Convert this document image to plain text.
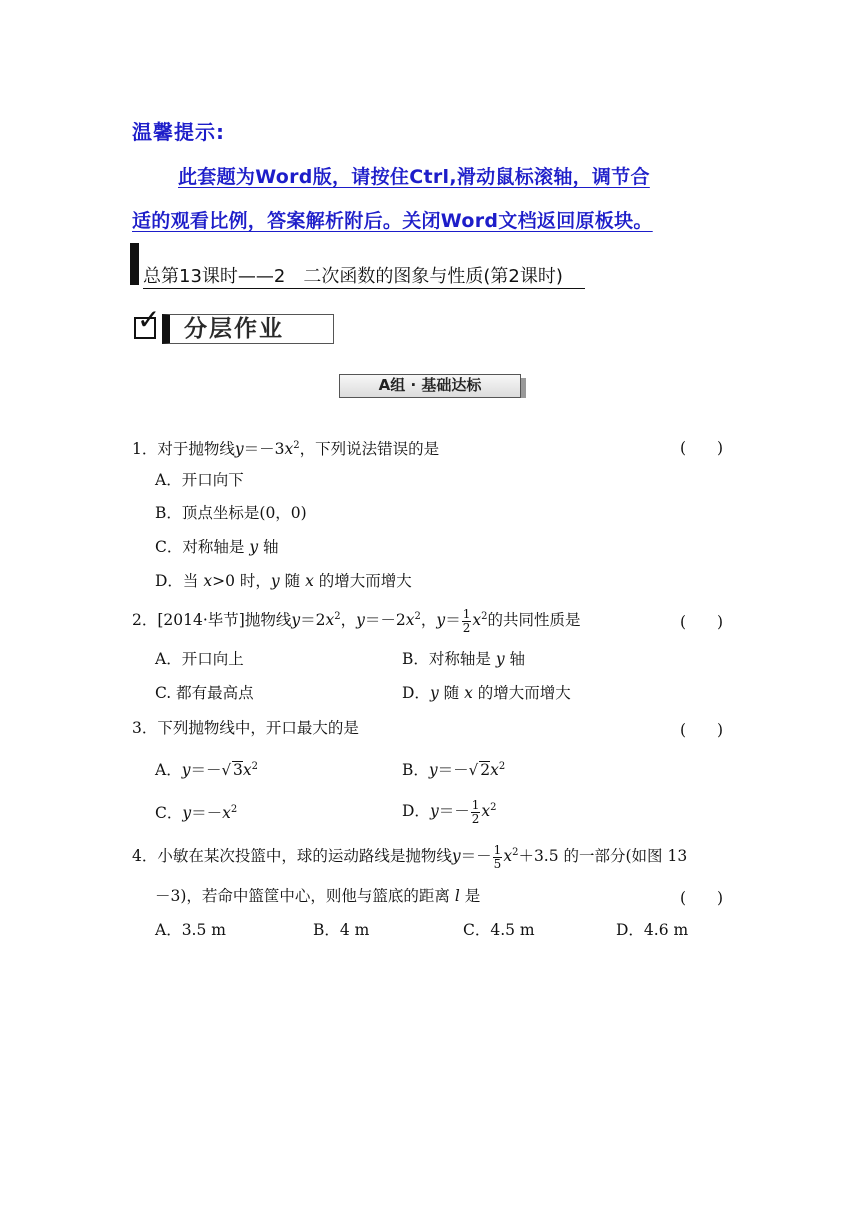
温馨提示:
此套题为Word版，请按住Ctrl,滑动鼠标滚轴，调节合
适的观看比例，答案解析附后。关闭Word文档返回原板块。
总第13课时——2　二次函数的图象与性质(第2课时)
✓ 分层作业
A组 · 基础达标
1．对于抛物线$y=-3x^2$，下列说法错误的是	(　　)
A．开口向下
B．顶点坐标是(0，0)
C．对称轴是 y 轴
D．当 x>0 时，y 随 x 的增大而增大
2．[2014·毕节]抛物线$y=2x^2$，$y=-2x^2$，$y= \frac{1}{2} x^2$的共同性质是	(　　)
A．开口向上	B．对称轴是 y 轴
C. 都有最高点	D．y 随 x 的增大而增大
3．下列抛物线中，开口最大的是	(　　)
A．y＝－√ $3x^2$	B．y＝－√ $2x^2$
C．$y=-x^2$	D．$y=- \frac{1}{2} x^2$
4．小敏在某次投篮中，球的运动路线是抛物线$y=- \frac{1}{5} x^2+3.5$ 的一部分(如图 13
－3)，若命中篮筐中心，则他与篮底的距离 l 是	(　　)
A．3.5 m	B．4 m	C．4.5 m	D．4.6 m
